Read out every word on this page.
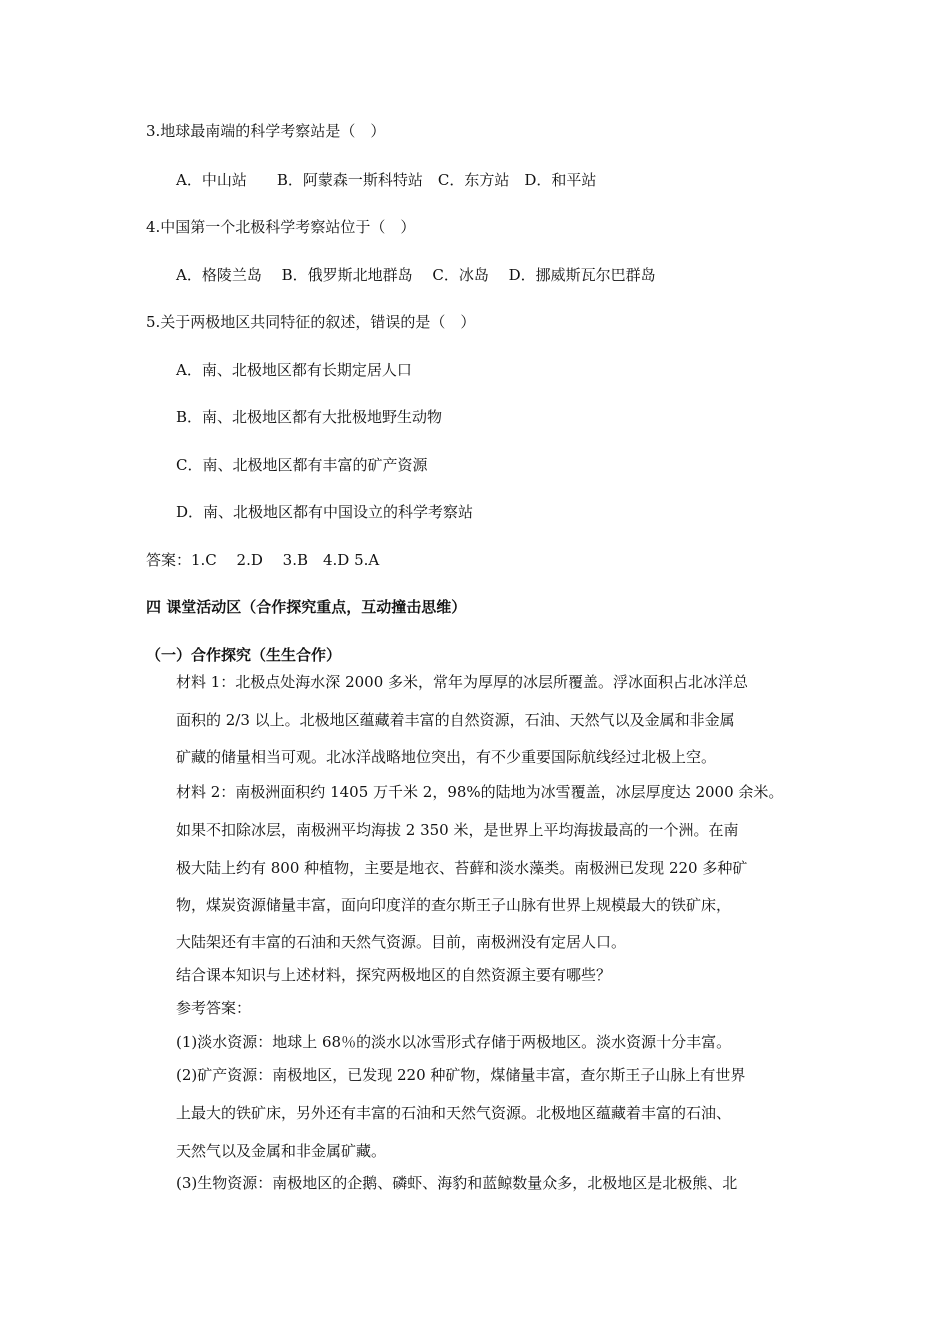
3.地球最南端的科学考察站是（　）
A．中山站　　B．阿蒙森一斯科特站　C．东方站　D．和平站
4.中国第一个北极科学考察站位于（　）
A．格陵兰岛　 B．俄罗斯北地群岛　 C．冰岛　 D．挪威斯瓦尔巴群岛
5.关于两极地区共同特征的叙述，错误的是（　）
A．南、北极地区都有长期定居人口
B．南、北极地区都有大批极地野生动物
C．南、北极地区都有丰富的矿产资源
D．南、北极地区都有中国设立的科学考察站
答案：1.C　 2.D　 3.B　4.D 5.A
四 课堂活动区（合作探究重点，互动撞击思维）
（一）合作探究（生生合作）
材料 1：北极点处海水深 2000 多米，常年为厚厚的冰层所覆盖。浮冰面积占北冰洋总
面积的 2/3 以上。北极地区蕴藏着丰富的自然资源，石油、天然气以及金属和非金属
矿藏的储量相当可观。北冰洋战略地位突出，有不少重要国际航线经过北极上空。
材料 2：南极洲面积约 1405 万千米 2，98%的陆地为冰雪覆盖，冰层厚度达 2000 余米。
如果不扣除冰层，南极洲平均海拔 2 350 米，是世界上平均海拔最高的一个洲。在南
极大陆上约有 800 种植物，主要是地衣、苔藓和淡水藻类。南极洲已发现 220 多种矿
物，煤炭资源储量丰富，面向印度洋的查尔斯王子山脉有世界上规模最大的铁矿床，
大陆架还有丰富的石油和天然气资源。目前，南极洲没有定居人口。
结合课本知识与上述材料，探究两极地区的自然资源主要有哪些？
参考答案：
(1)淡水资源：地球上 68％的淡水以冰雪形式存储于两极地区。淡水资源十分丰富。
(2)矿产资源：南极地区，已发现 220 种矿物，煤储量丰富，查尔斯王子山脉上有世界
上最大的铁矿床，另外还有丰富的石油和天然气资源。北极地区蕴藏着丰富的石油、
天然气以及金属和非金属矿藏。
(3)生物资源：南极地区的企鹅、磷虾、海豹和蓝鲸数量众多，北极地区是北极熊、北
